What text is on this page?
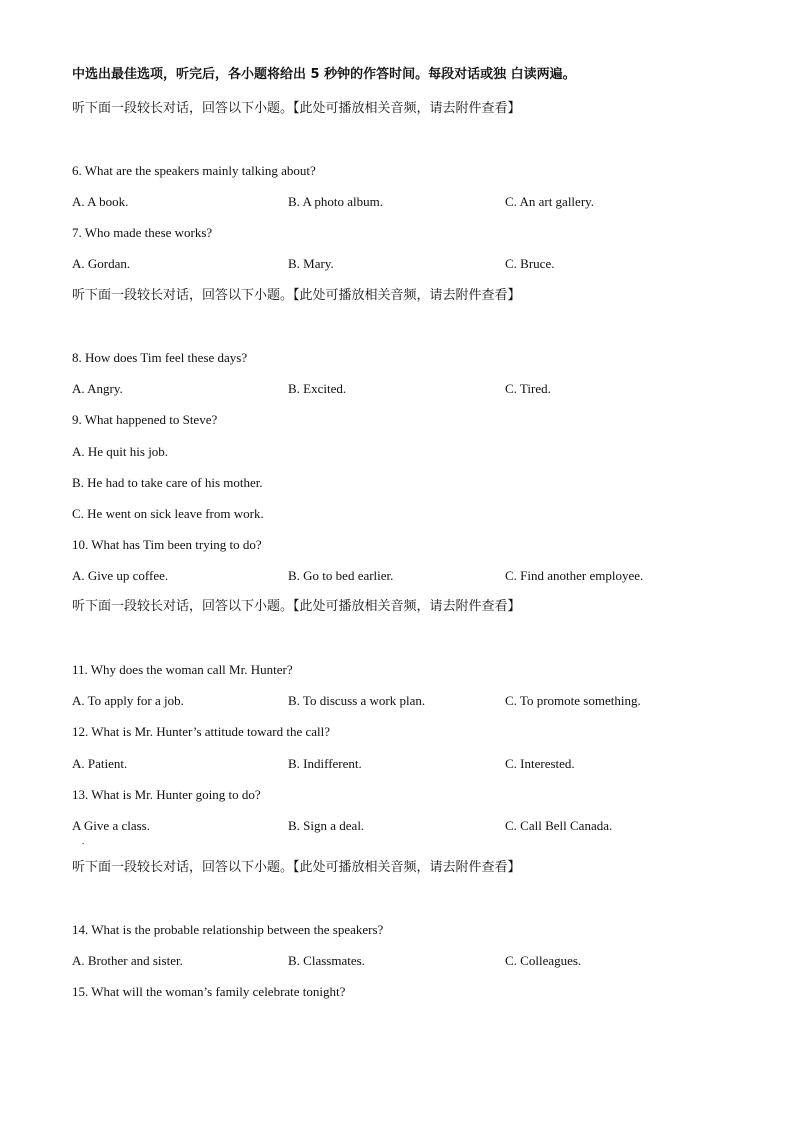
中选出最佳选项，听完后，各小题将给出 5 秒钟的作答时间。每段对话或独 白读两遍。
听下面一段较长对话，回答以下小题。【此处可播放相关音频，请去附件查看】
6. What are the speakers mainly talking about?
A. A book.	B. A photo album.	C. An art gallery.
7. Who made these works?
A. Gordan.	B. Mary.	C. Bruce.
听下面一段较长对话，回答以下小题。【此处可播放相关音频，请去附件查看】
8. How does Tim feel these days?
A. Angry.	B. Excited.	C. Tired.
9. What happened to Steve?
A. He quit his job.
B. He had to take care of his mother.
C. He went on sick leave from work.
10. What has Tim been trying to do?
A. Give up coffee.	B. Go to bed earlier.	C. Find another employee.
听下面一段较长对话，回答以下小题。【此处可播放相关音频，请去附件查看】
11. Why does the woman call Mr. Hunter?
A. To apply for a job.	B. To discuss a work plan.	C. To promote something.
12. What is Mr. Hunter’s attitude toward the call?
A. Patient.	B. Indifferent.	C. Interested.
13. What is Mr. Hunter going to do?
A Give a class.	B. Sign a deal.	C. Call Bell Canada.
.
听下面一段较长对话，回答以下小题。【此处可播放相关音频，请去附件查看】
14. What is the probable relationship between the speakers?
A. Brother and sister.	B. Classmates.	C. Colleagues.
15. What will the woman’s family celebrate tonight?
